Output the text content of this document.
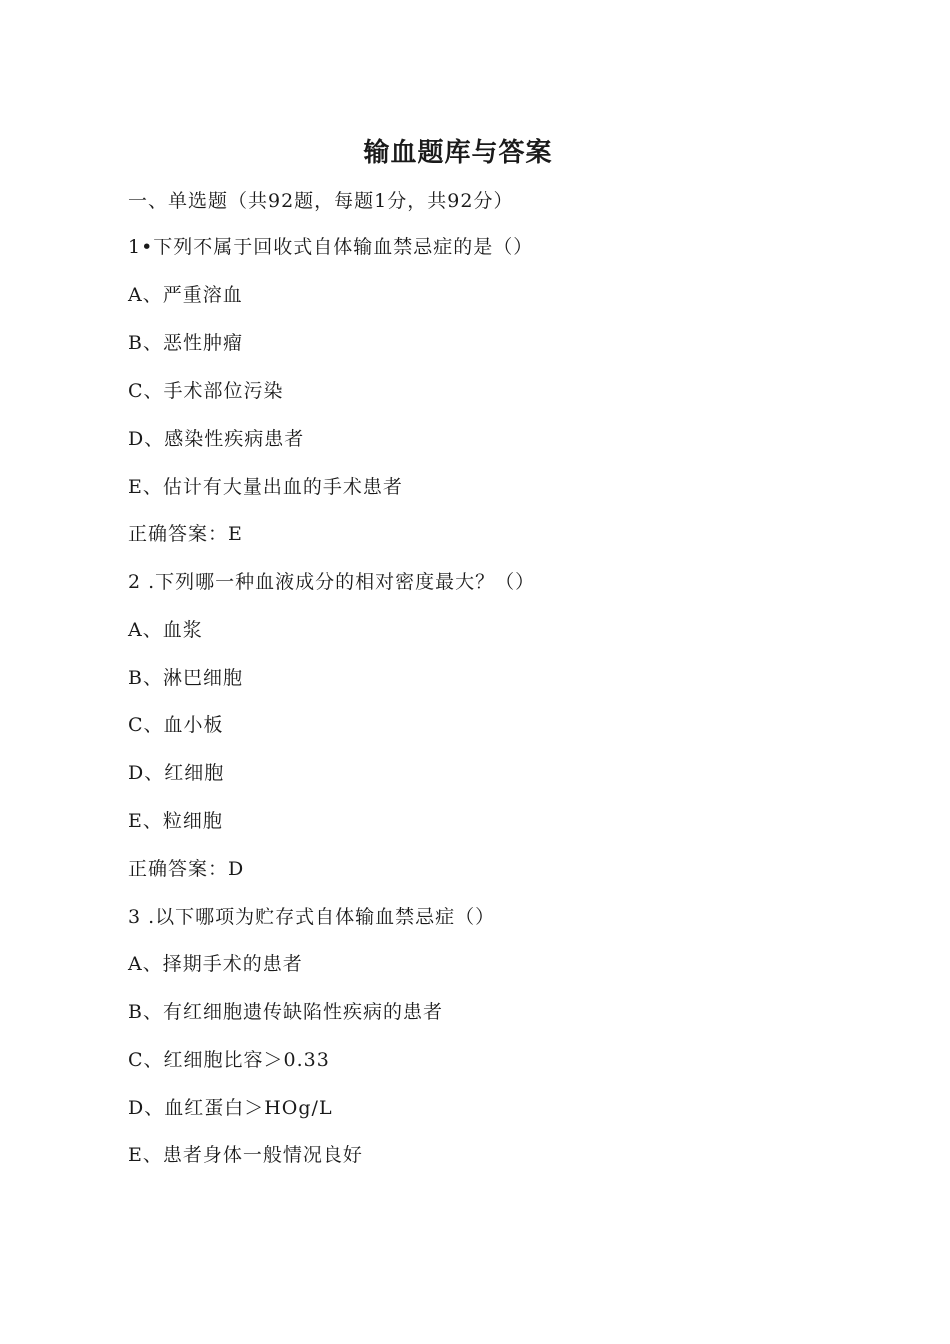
输血题库与答案

一、单选题（共92题，每题1分，共92分）

1•下列不属于回收式自体输血禁忌症的是（）
A、严重溶血
B、恶性肿瘤
C、手术部位污染
D、感染性疾病患者
E、估计有大量出血的手术患者
正确答案：E
2 .下列哪一种血液成分的相对密度最大？（）
A、血浆
B、淋巴细胞
C、血小板
D、红细胞
E、粒细胞
正确答案：D
3 .以下哪项为贮存式自体输血禁忌症（）
A、择期手术的患者
B、有红细胞遗传缺陷性疾病的患者
C、红细胞比容＞0.33
D、血红蛋白＞HOg/L
E、患者身体一般情况良好
